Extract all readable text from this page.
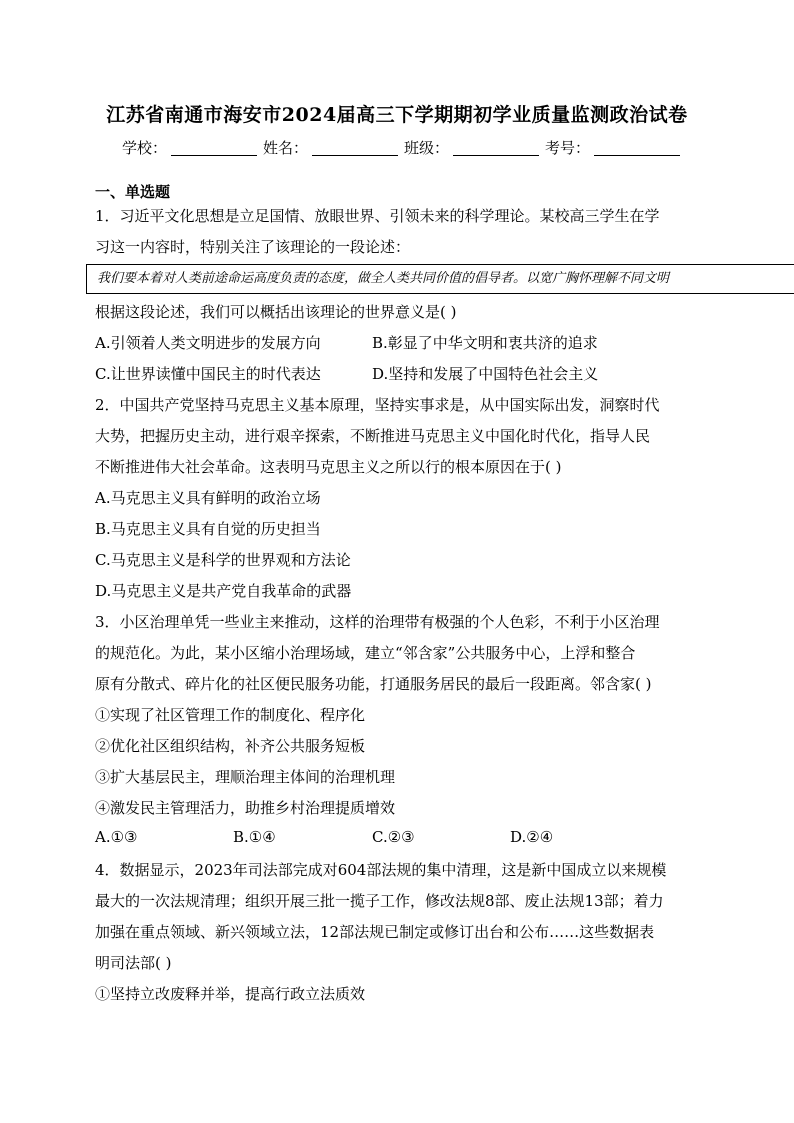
江苏省南通市海安市2024届高三下学期期初学业质量监测政治试卷
学校：	姓名：	班级：	考号：
一、单选题
1．习近平文化思想是立足国情、放眼世界、引领未来的科学理论。某校高三学生在学
习这一内容时，特别关注了该理论的一段论述：
我们要本着对人类前途命运高度负责的态度，做全人类共同价值的倡导者。以宽广胸怀理解不同文明
根据这段论述，我们可以概括出该理论的世界意义是( )
A.引领着人类文明进步的发展方向	B.彰显了中华文明和衷共济的追求
C.让世界读懂中国民主的时代表达	D.坚持和发展了中国特色社会主义
2．中国共产党坚持马克思主义基本原理，坚持实事求是，从中国实际出发，洞察时代
大势，把握历史主动，进行艰辛探索，不断推进马克思主义中国化时代化，指导人民
不断推进伟大社会革命。这表明马克思主义之所以行的根本原因在于( )
A.马克思主义具有鲜明的政治立场
B.马克思主义具有自觉的历史担当
C.马克思主义是科学的世界观和方法论
D.马克思主义是共产党自我革命的武器
3．小区治理单凭一些业主来推动，这样的治理带有极强的个人色彩，不利于小区治理
的规范化。为此，某小区缩小治理场域，建立“邻含家”公共服务中心，上浮和整合
原有分散式、碎片化的社区便民服务功能，打通服务居民的最后一段距离。邻含家( )
①实现了社区管理工作的制度化、程序化
②优化社区组织结构，补齐公共服务短板
③扩大基层民主，理顺治理主体间的治理机理
④激发民主管理活力，助推乡村治理提质增效
A.①③	B.①④	C.②③	D.②④
4．数据显示，2023年司法部完成对604部法规的集中清理，这是新中国成立以来规模
最大的一次法规清理；组织开展三批一揽子工作，修改法规8部、废止法规13部；着力
加强在重点领域、新兴领域立法，12部法规已制定或修订出台和公布……这些数据表
明司法部( )
①坚持立改废释并举，提高行政立法质效
